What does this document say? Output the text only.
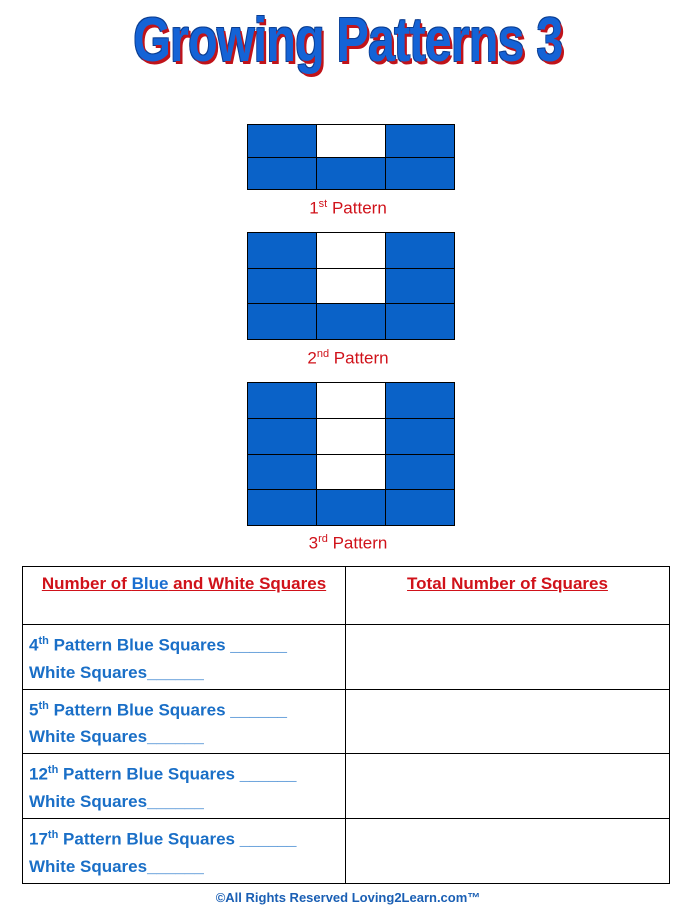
Growing Patterns 3
1st Pattern
2nd Pattern
3rd Pattern
Number of Blue and White Squares	Total Number of Squares

4th Pattern Blue Squares ______
White Squares______	

5th Pattern Blue Squares ______
White Squares______	

12th Pattern Blue Squares ______
White Squares______	

17th Pattern Blue Squares ______
White Squares______	

©All Rights Reserved Loving2Learn.com™
